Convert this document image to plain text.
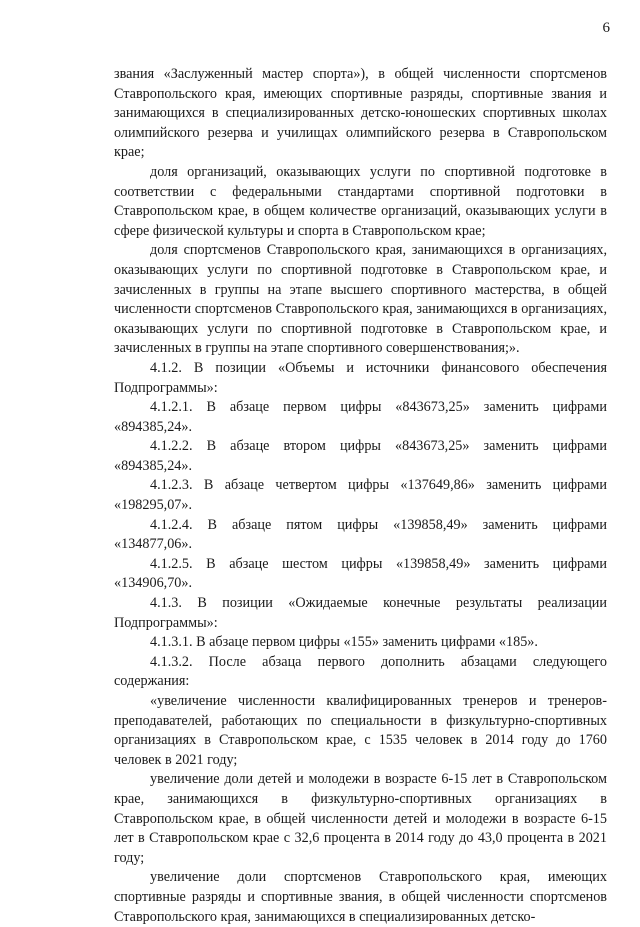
6

звания «Заслуженный мастер спорта»), в общей численности спортсменов Ставропольского края, имеющих спортивные разряды, спортивные звания и занимающихся в специализированных детско-юношеских спортивных школах олимпийского резерва и училищах олимпийского резерва в Ставропольском крае;

доля организаций, оказывающих услуги по спортивной подготовке в соответствии с федеральными стандартами спортивной подготовки в Ставропольском крае, в общем количестве организаций, оказывающих услуги в сфере физической культуры и спорта в Ставропольском крае;

доля спортсменов Ставропольского края, занимающихся в организациях, оказывающих услуги по спортивной подготовке в Ставропольском крае, и зачисленных в группы на этапе высшего спортивного мастерства, в общей численности спортсменов Ставропольского края, занимающихся в организациях, оказывающих услуги по спортивной подготовке в Ставропольском крае, и зачисленных в группы на этапе спортивного совершенствования;».

4.1.2. В позиции «Объемы и источники финансового обеспечения Подпрограммы»:

4.1.2.1. В абзаце первом цифры «843673,25» заменить цифрами «894385,24».

4.1.2.2. В абзаце втором цифры «843673,25» заменить цифрами «894385,24».

4.1.2.3. В абзаце четвертом цифры «137649,86» заменить цифрами «198295,07».

4.1.2.4. В абзаце пятом цифры «139858,49» заменить цифрами «134877,06».

4.1.2.5. В абзаце шестом цифры «139858,49» заменить цифрами «134906,70».

4.1.3. В позиции «Ожидаемые конечные результаты реализации Подпрограммы»:

4.1.3.1. В абзаце первом цифры «155» заменить цифрами «185».

4.1.3.2. После абзаца первого дополнить абзацами следующего содержания:

«увеличение численности квалифицированных тренеров и тренеров-преподавателей, работающих по специальности в физкультурно-спортивных организациях в Ставропольском крае, с 1535 человек в 2014 году до 1760 человек в 2021 году;

увеличение доли детей и молодежи в возрасте 6-15 лет в Ставропольском крае, занимающихся в физкультурно-спортивных организациях в Ставропольском крае, в общей численности детей и молодежи в возрасте 6-15 лет в Ставропольском крае с 32,6 процента в 2014 году до 43,0 процента в 2021 году;

увеличение доли спортсменов Ставропольского края, имеющих спортивные разряды и спортивные звания, в общей численности спортсменов Ставропольского края, занимающихся в специализированных детско-
